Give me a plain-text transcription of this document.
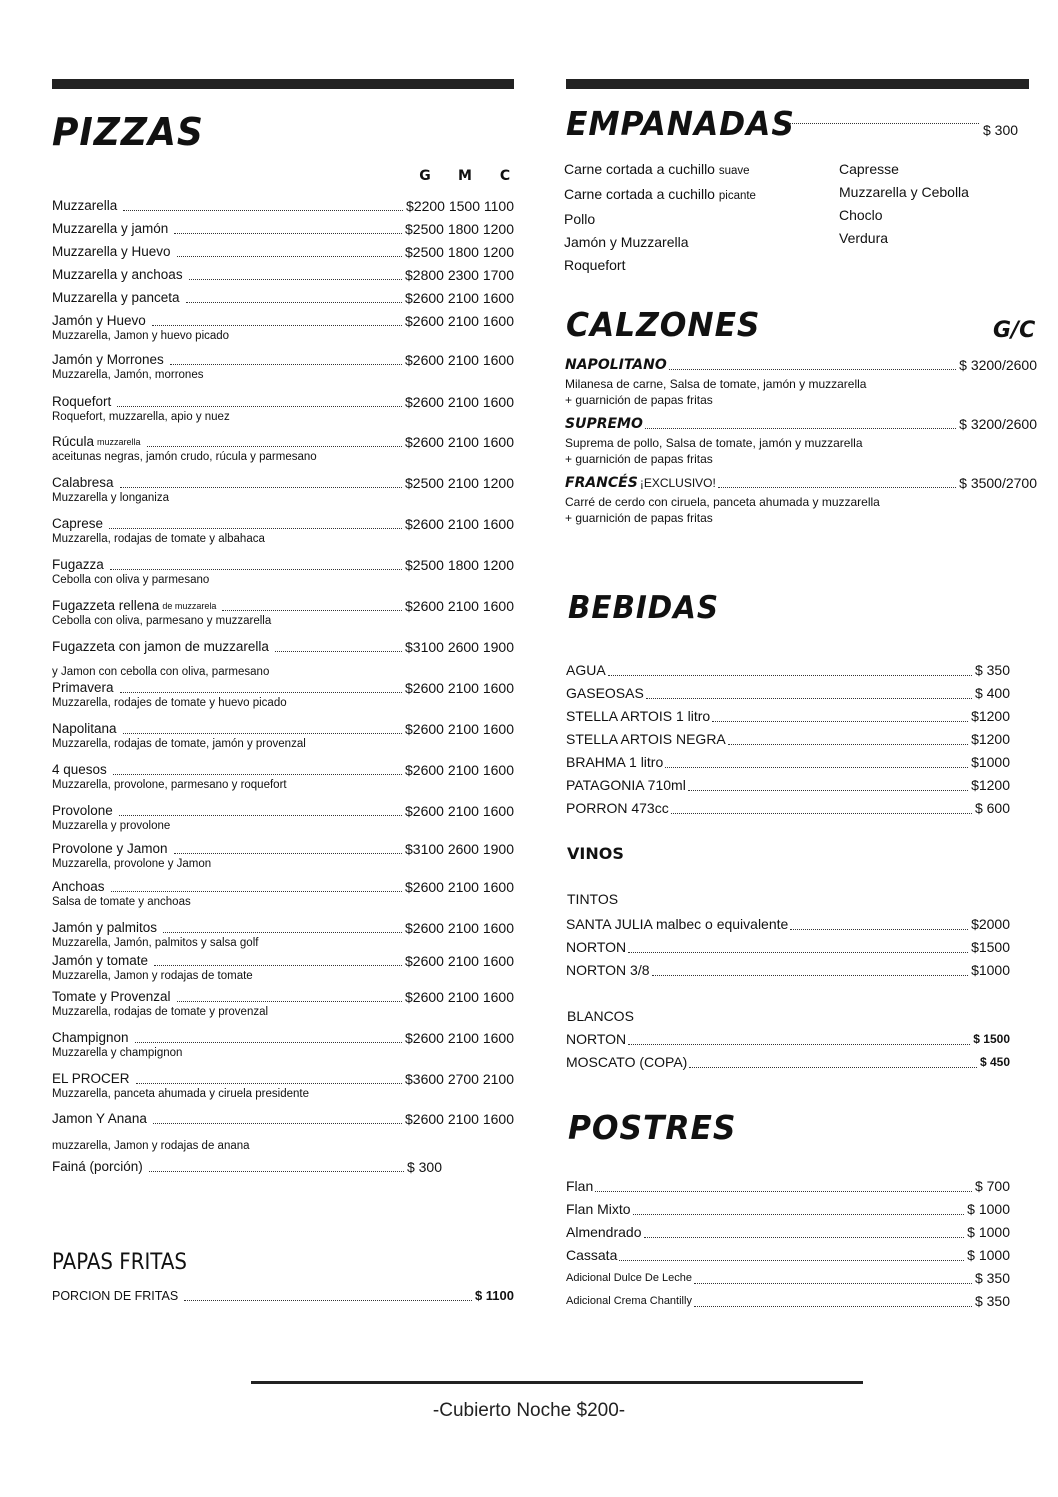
PIZZAS
G M C
Muzzarella	$2200 1500 1100
Muzzarella y jamón	$2500 1800 1200
Muzzarella y Huevo	$2500 1800 1200
Muzzarella y anchoas	$2800 2300 1700
Muzzarella y panceta	$2600 2100 1600
Jamón y Huevo	$2600 2100 1600
Muzzarella, Jamon y huevo picado
Jamón y Morrones	$2600 2100 1600
Muzzarella, Jamón, morrones
Roquefort	$2600 2100 1600
Roquefort, muzzarella, apio y nuez
Rúcula muzzarella	$2600 2100 1600
aceitunas negras, jamón crudo, rúcula y parmesano
Calabresa	$2500 2100 1200
Muzzarella y longaniza
Caprese	$2600 2100 1600
Muzzarella, rodajas de tomate y albahaca
Fugazza	$2500 1800 1200
Cebolla con oliva y parmesano
Fugazzeta rellena de muzzarela	$2600 2100 1600
Cebolla con oliva, parmesano y muzzarella
Fugazzeta con jamon de muzzarella	$3100 2600 1900
y Jamon con cebolla con oliva, parmesano
Primavera	$2600 2100 1600
Muzzarella, rodajes de tomate y huevo picado
Napolitana	$2600 2100 1600
Muzzarella, rodajas de tomate, jamón y provenzal
4 quesos	$2600 2100 1600
Muzzarella, provolone, parmesano y roquefort
Provolone	$2600 2100 1600
Muzzarella y provolone
Provolone y Jamon	$3100 2600 1900
Muzzarella, provolone y Jamon
Anchoas	$2600 2100 1600
Salsa de tomate y anchoas
Jamón y palmitos	$2600 2100 1600
Muzzarella, Jamón, palmitos y salsa golf
Jamón y tomate	$2600 2100 1600
Muzzarella, Jamon y rodajas de tomate
Tomate y Provenzal	$2600 2100 1600
Muzzarella, rodajas de tomate y provenzal
Champignon	$2600 2100 1600
Muzzarella y champignon
EL PROCER	$3600 2700 2100
Muzzarella, panceta ahumada y ciruela presidente
Jamon Y Anana	$2600 2100 1600
muzzarella, Jamon y rodajas de anana
Fainá (porción)	$ 300
PAPAS FRITAS
PORCION DE FRITAS	$ 1100
EMPANADAS	$ 300
Carne cortada a cuchillo suave
Carne cortada a cuchillo picante
Pollo
Jamón y Muzzarella
Roquefort
Capresse
Muzzarella y Cebolla
Choclo
Verdura
CALZONES	G/C
NAPOLITANO	$ 3200/2600
Milanesa de carne, Salsa de tomate, jamón y muzzarella
+ guarnición de papas fritas
SUPREMO	$ 3200/2600
Suprema de pollo, Salsa de tomate, jamón y muzzarella
+ guarnición de papas fritas
FRANCÉS ¡EXCLUSIVO!	$ 3500/2700
Carré de cerdo con ciruela, panceta ahumada y muzzarella
+ guarnición de papas fritas
BEBIDAS
AGUA	$ 350
GASEOSAS	$ 400
STELLA ARTOIS 1 litro	$1200
STELLA ARTOIS NEGRA	$1200
BRAHMA 1 litro	$1000
PATAGONIA 710ml	$1200
PORRON 473cc	$ 600
VINOS
TINTOS
SANTA JULIA malbec o equivalente	$2000
NORTON	$1500
NORTON 3/8	$1000
BLANCOS
NORTON	$ 1500
MOSCATO (COPA)	$ 450
POSTRES
Flan	$ 700
Flan Mixto	$ 1000
Almendrado	$ 1000
Cassata	$ 1000
Adicional Dulce De Leche	$ 350
Adicional Crema Chantilly	$ 350
-Cubierto Noche $200-
